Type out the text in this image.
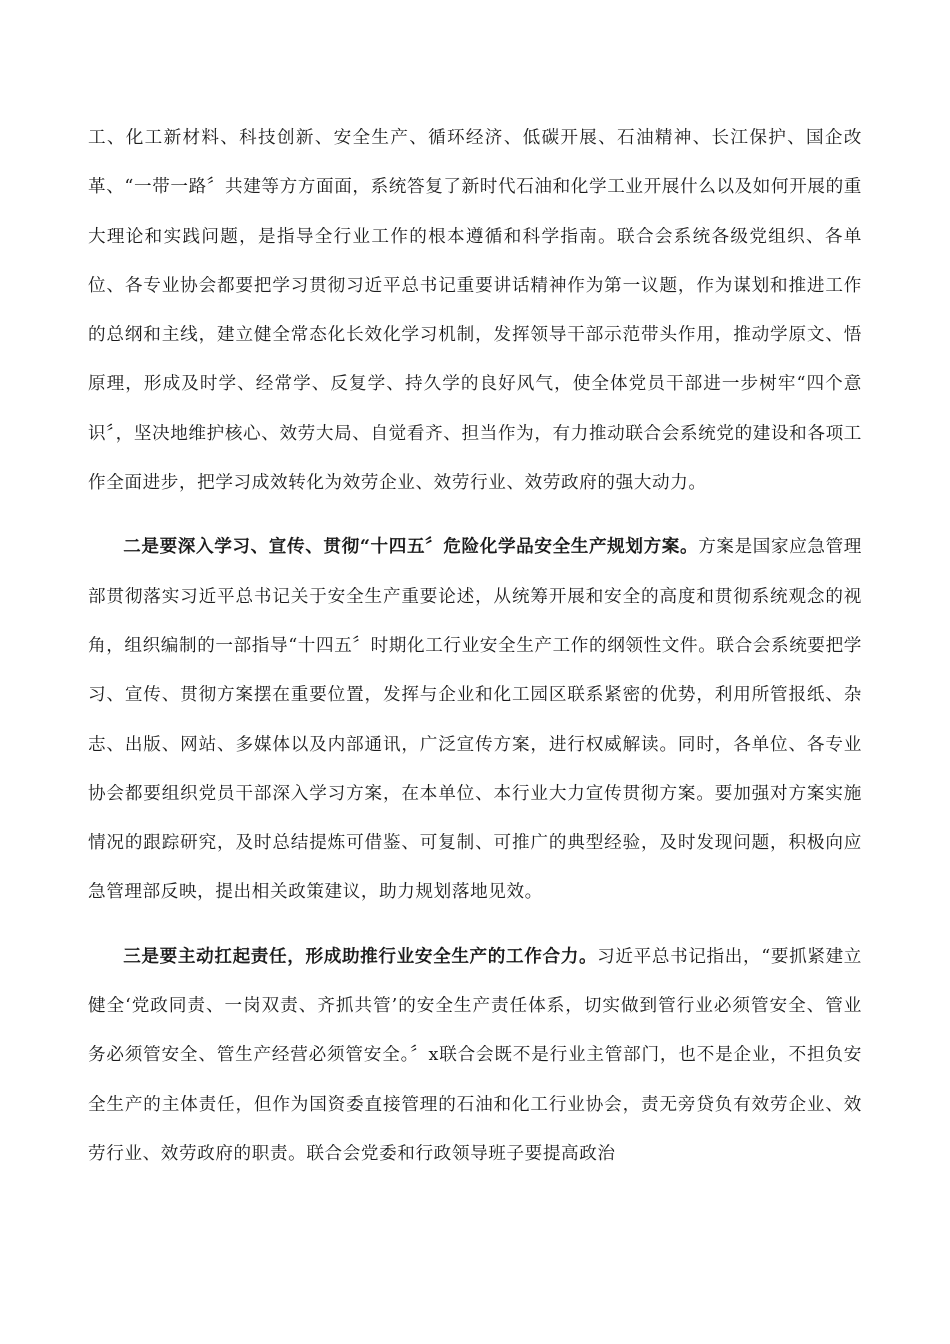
工、化工新材料、科技创新、安全生产、循环经济、低碳开展、石油精神、长江保护、国企改革、“一带一路〞共建等方方面面，系统答复了新时代石油和化学工业开展什么以及如何开展的重大理论和实践问题，是指导全行业工作的根本遵循和科学指南。联合会系统各级党组织、各单位、各专业协会都要把学习贯彻习近平总书记重要讲话精神作为第一议题，作为谋划和推进工作的总纲和主线，建立健全常态化长效化学习机制，发挥领导干部示范带头作用，推动学原文、悟原理，形成及时学、经常学、反复学、持久学的良好风气，使全体党员干部进一步树牢“四个意识〞，坚决地维护核心、效劳大局、自觉看齐、担当作为，有力推动联合会系统党的建设和各项工作全面进步，把学习成效转化为效劳企业、效劳行业、效劳政府的强大动力。

二是要深入学习、宣传、贯彻“十四五〞危险化学品安全生产规划方案。方案是国家应急管理部贯彻落实习近平总书记关于安全生产重要论述，从统筹开展和安全的高度和贯彻系统观念的视角，组织编制的一部指导“十四五〞时期化工行业安全生产工作的纲领性文件。联合会系统要把学习、宣传、贯彻方案摆在重要位置，发挥与企业和化工园区联系紧密的优势，利用所管报纸、杂志、出版、网站、多媒体以及内部通讯，广泛宣传方案，进行权威解读。同时，各单位、各专业协会都要组织党员干部深入学习方案，在本单位、本行业大力宣传贯彻方案。要加强对方案实施情况的跟踪研究，及时总结提炼可借鉴、可复制、可推广的典型经验，及时发现问题，积极向应急管理部反映，提出相关政策建议，助力规划落地见效。

三是要主动扛起责任，形成助推行业安全生产的工作合力。习近平总书记指出，“要抓紧建立健全‘党政同责、一岗双责、齐抓共管’的安全生产责任体系，切实做到管行业必须管安全、管业务必须管安全、管生产经营必须管安全。〞x联合会既不是行业主管部门，也不是企业，不担负安全生产的主体责任，但作为国资委直接管理的石油和化工行业协会，责无旁贷负有效劳企业、效劳行业、效劳政府的职责。联合会党委和行政领导班子要提高政治
